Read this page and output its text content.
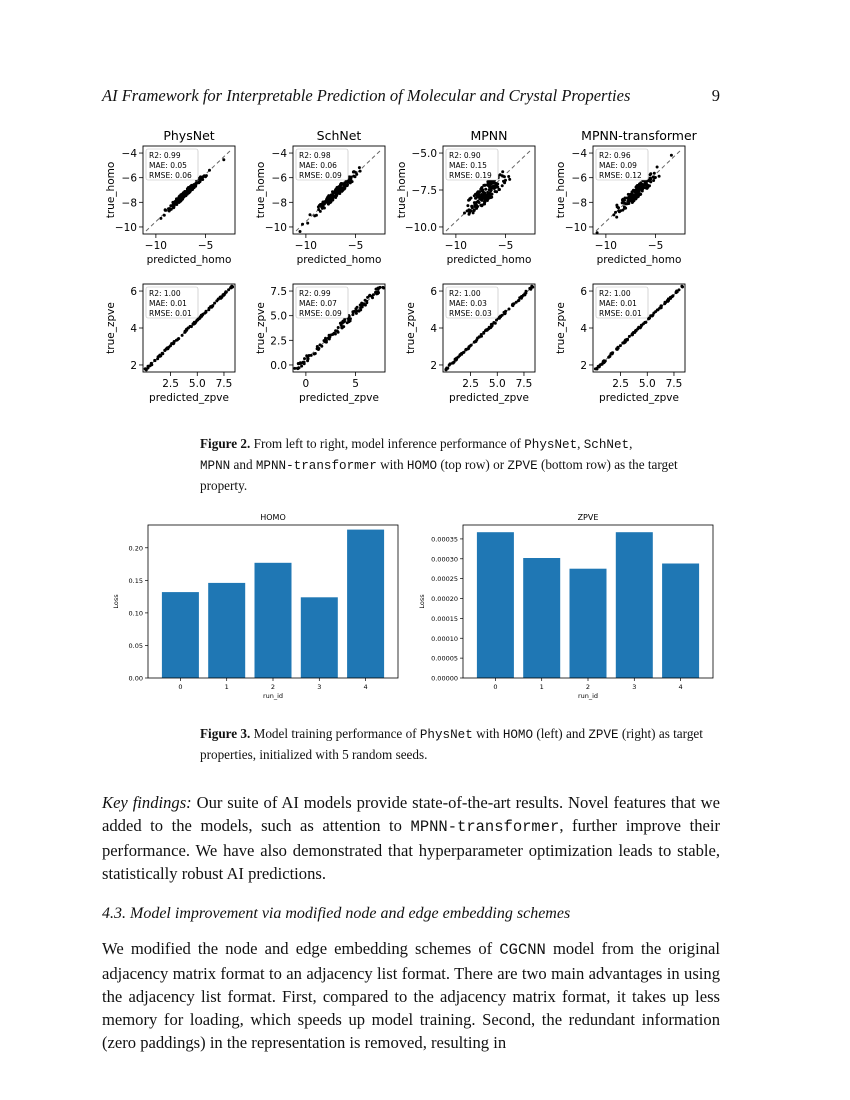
AI Framework for Interpretable Prediction of Molecular and Crystal Properties	9
PhysNet
R2: 0.99
MAE: 0.05
RMSE: 0.06
−10	−5
−4
−6
−8
−10
predicted_homo
true_homo
SchNet
R2: 0.98
MAE: 0.06
RMSE: 0.09
−10	−5
−4
−6
−8
−10
predicted_homo
true_homo
MPNN
R2: 0.90
MAE: 0.15
RMSE: 0.19
−10	−5
−5.0
−7.5
−10.0
predicted_homo
true_homo
MPNN-transformer
R2: 0.96
MAE: 0.09
RMSE: 0.12
−10	−5
−4
−6
−8
−10
predicted_homo
true_homo
R2: 1.00
MAE: 0.01
RMSE: 0.01
2.5 5.0 7.5
6
4
2
predicted_zpve
true_zpve
R2: 0.99
MAE: 0.07
RMSE: 0.09
0	5
7.5
5.0
2.5
0.0
predicted_zpve
true_zpve
R2: 1.00
MAE: 0.03
RMSE: 0.03
2.5 5.0 7.5
6
4
2
predicted_zpve
true_zpve
R2: 1.00
MAE: 0.01
RMSE: 0.01
2.5 5.0 7.5
6
4
2
predicted_zpve
true_zpve
Figure 2. From left to right, model inference performance of PhysNet, SchNet,
MPNN and MPNN-transformer with HOMO (top row) or ZPVE (bottom row) as the target property.
HOMO
0	1	2	3	4
0.00
0.05
0.10
0.15
0.20
run_id
Loss
ZPVE
0	1	2	3	4
0.00000
0.00005
0.00010
0.00015
0.00020
0.00025
0.00030
0.00035
run_id
Loss
Figure 3. Model training performance of PhysNet with HOMO (left) and ZPVE (right) as target properties, initialized with 5 random seeds.
Key findings: Our suite of AI models provide state-of-the-art results. Novel features that we added to the models, such as attention to MPNN-transformer, further improve their performance. We have also demonstrated that hyperparameter optimization leads to stable, statistically robust AI predictions.
4.3. Model improvement via modified node and edge embedding schemes
We modified the node and edge embedding schemes of CGCNN model from the original adjacency matrix format to an adjacency list format. There are two main advantages in using the adjacency list format. First, compared to the adjacency matrix format, it takes up less memory for loading, which speeds up model training. Second, the redundant information (zero paddings) in the representation is removed, resulting in
